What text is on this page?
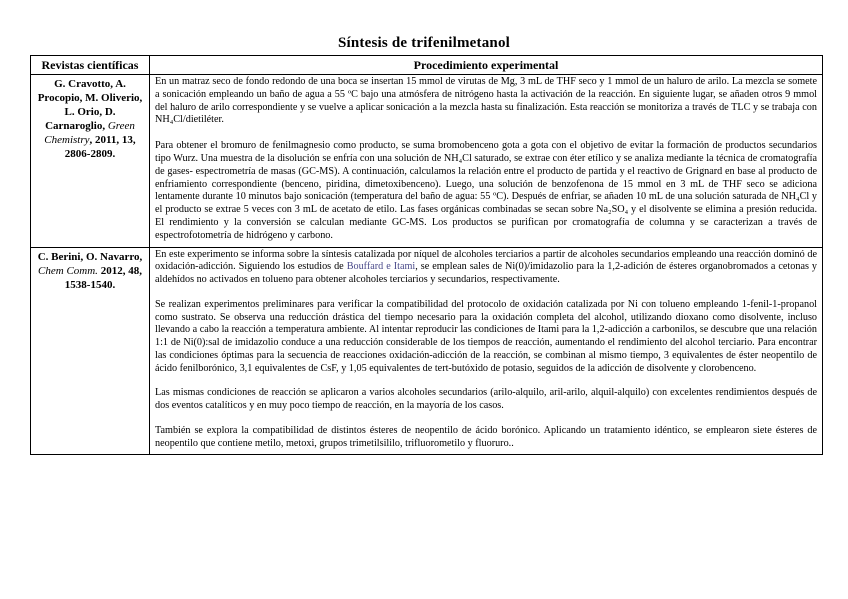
Síntesis de trifenilmetanol
Revistas científicas	Procedimiento experimental
G. Cravotto, A. Procopio, M. Oliverio, L. Orio, D. Carnaroglio, Green Chemistry, 2011, 13, 2806-2809.	En un matraz seco de fondo redondo de una boca se insertan 15 mmol de virutas de Mg, 3 mL de THF seco y 1 mmol de un haluro de arilo. La mezcla se somete a sonicación empleando un baño de agua a 55 ºC bajo una atmósfera de nitrógeno hasta la activación de la reacción. En siguiente lugar, se añaden otros 9 mmol del haluro de arilo correspondiente y se vuelve a aplicar sonicación a la mezcla hasta su finalización. Esta reacción se monitoriza a través de TLC y se trabaja con NH₄Cl/dietiléter.

Para obtener el bromuro de fenilmagnesio como producto, se suma bromobenceno gota a gota con el objetivo de evitar la formación de productos secundarios tipo Wurz. Una muestra de la disolución se enfría con una solución de NH₄Cl saturado, se extrae con éter etílico y se analiza mediante la técnica de cromatografía de gases- espectrometría de masas (GC-MS). A continuación, calculamos la relación entre el producto de partida y el reactivo de Grignard en base al producto de enfriamiento correspondiente (benceno, piridina, dimetoxibenceno). Luego, una solución de benzofenona de 15 mmol en 3 mL de THF seco se adiciona lentamente durante 10 minutos bajo sonicación (temperatura del baño de agua: 55 ºC). Después de enfriar, se añaden 10 mL de una solución saturada de NH₄Cl y el producto se extrae 5 veces con 3 mL de acetato de etilo. Las fases orgánicas combinadas se secan sobre Na₂SO₄ y el disolvente se elimina a presión reducida. El rendimiento y la conversión se calculan mediante GC-MS. Los productos se purifican por cromatografía de columna y se caracterizan a través de espectrofotometría de hidrógeno y carbono.

C. Berini, O. Navarro, Chem Comm. 2012, 48, 1538-1540.	En este experimento se informa sobre la síntesis catalizada por níquel de alcoholes terciarios a partir de alcoholes secundarios empleando una reacción dominó de oxidación-adicción. Siguiendo los estudios de Bouffard e Itami, se emplean sales de Ni(0)/imidazolio para la 1,2-adición de ésteres organobromados a cetonas y aldehídos no activados en tolueno para obtener alcoholes terciarios y secundarios, respectivamente.

Se realizan experimentos preliminares para verificar la compatibilidad del protocolo de oxidación catalizada por Ni con tolueno empleando 1-fenil-1-propanol como sustrato. Se observa una reducción drástica del tiempo necesario para la oxidación completa del alcohol, utilizando dioxano como disolvente, incluso llevando a cabo la reacción a temperatura ambiente. Al intentar reproducir las condiciones de Itami para la 1,2-adicción a carbonilos, se descubre que una relación 1:1 de Ni(0):sal de imidazolio conduce a una reducción considerable de los tiempos de reacción, aumentando el rendimiento del alcohol terciario. Para encontrar las condiciones óptimas para la secuencia de reacciones oxidación-adicción de la reacción, se combinan al mismo tiempo, 3 equivalentes de éster neopentilo de ácido fenilborónico, 3,1 equivalentes de CsF, y 1,05 equivalentes de tert-butóxido de potasio, seguidos de la adicción de disolvente y clorobenceno.

Las mismas condiciones de reacción se aplicaron a varios alcoholes secundarios (arilo-alquilo, aril-arilo, alquil-alquilo) con excelentes rendimientos después de dos eventos catalíticos y en muy poco tiempo de reacción, en la mayoría de los casos.

También se explora la compatibilidad de distintos ésteres de neopentilo de ácido borónico. Aplicando un tratamiento idéntico, se emplearon siete ésteres de neopentilo que contiene metilo, metoxi, grupos trimetilsililo, trifluorometilo y fluoruro..
